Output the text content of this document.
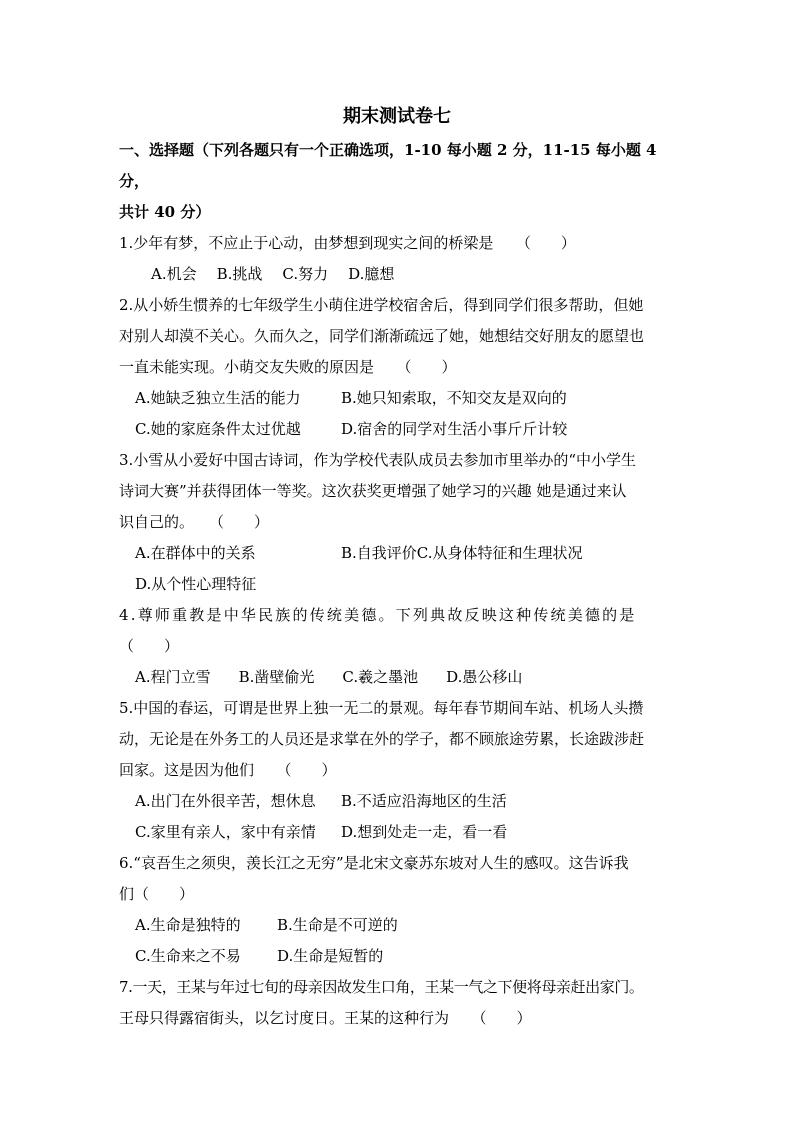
期末测试卷七

一、选择题（下列各题只有一个正确选项，1-10 每小题 2 分，11-15 每小题 4 分，
共计 40 分）

1.少年有梦，不应止于心动，由梦想到现实之间的桥梁是　　（　　）

A.机会 B.挑战 C.努力 D.臆想

2.从小娇生惯养的七年级学生小萌住进学校宿舍后，得到同学们很多帮助，但她

对别人却漠不关心。久而久之，同学们渐渐疏远了她，她想结交好朋友的愿望也

一直未能实现。小萌交友失败的原因是　　（　　）

A.她缺乏独立生活的能力	B.她只知索取，不知交友是双向的
C.她的家庭条件太过优越	D.宿舍的同学对生活小事斤斤计较

3.小雪从小爱好中国古诗词，作为学校代表队成员去参加市里举办的“中小学生

诗词大赛”并获得团体一等奖。这次获奖更增强了她学习的兴趣 她是通过来认

识自己的。　　（　　）

A.在群体中的关系	B.自我评价 C.从身体特征和生理状况
D.从个性心理特征

4.尊师重教是中华民族的传统美德。下列典故反映这种传统美德的是

（　　）

A.程门立雪 B.凿壁偷光 C.羲之墨池 D.愚公移山

5.中国的春运，可谓是世界上独一无二的景观。每年春节期间车站、机场人头攒

动，无论是在外务工的人员还是求掌在外的学子，都不顾旅途劳累，长途跋涉赶

回家。这是因为他们　　（　　）

A.出门在外很辛苦，想休息	B.不适应沿海地区的生活
C.家里有亲人，家中有亲情	D.想到处走一走，看一看

6.“哀吾生之须臾，羡长江之无穷”是北宋文豪苏东坡对人生的感叹。这告诉我

们（　　）

A.生命是独特的	B.生命是不可逆的
C.生命来之不易	D.生命是短暂的

7.一天，王某与年过七旬的母亲因故发生口角，王某一气之下便将母亲赶出家门。

王母只得露宿街头，以乞讨度日。王某的这种行为　　（　　）
